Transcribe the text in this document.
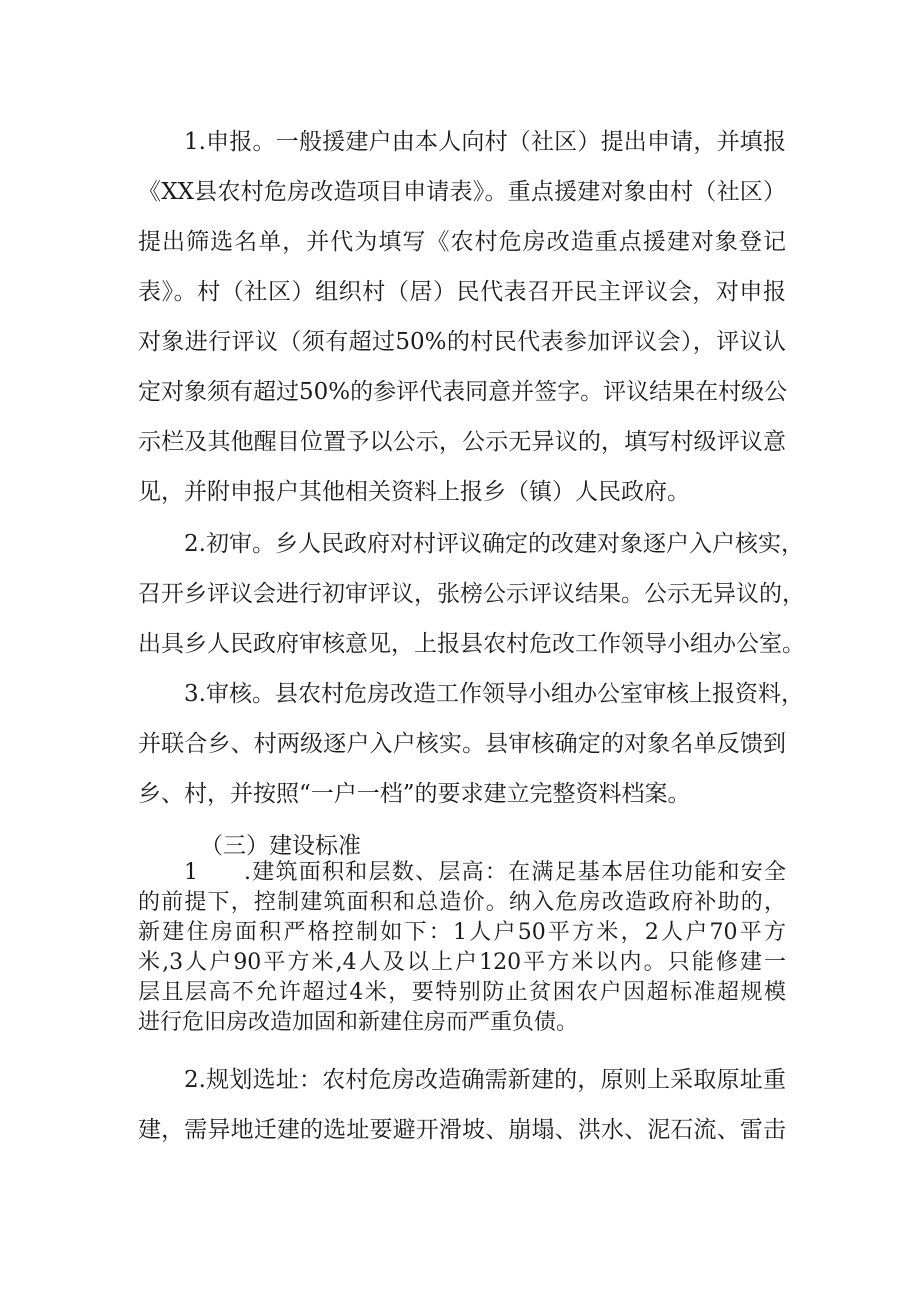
1.申报。一般援建户由本人向村（社区）提出申请，并填报
《XX县农村危房改造项目申请表》。重点援建对象由村（社区）
提出筛选名单，并代为填写《农村危房改造重点援建对象登记
表》。村（社区）组织村（居）民代表召开民主评议会，对申报
对象进行评议（须有超过50%的村民代表参加评议会），评议认
定对象须有超过50%的参评代表同意并签字。评议结果在村级公
示栏及其他醒目位置予以公示，公示无异议的，填写村级评议意
见，并附申报户其他相关资料上报乡（镇）人民政府。
2.初审。乡人民政府对村评议确定的改建对象逐户入户核实，
召开乡评议会进行初审评议，张榜公示评议结果。公示无异议的，
出具乡人民政府审核意见，上报县农村危改工作领导小组办公室。
3.审核。县农村危房改造工作领导小组办公室审核上报资料，
并联合乡、村两级逐户入户核实。县审核确定的对象名单反馈到
乡、村，并按照“一户一档”的要求建立完整资料档案。
（三）建设标准
1 .建筑面积和层数、层高：在满足基本居住功能和安全
的前提下，控制建筑面积和总造价。纳入危房改造政府补助的，
新建住房面积严格控制如下：1人户50平方米，2人户70平方
米,3人户90平方米,4人及以上户120平方米以内。只能修建一
层且层高不允许超过4米，要特别防止贫困农户因超标准超规模
进行危旧房改造加固和新建住房而严重负债。
2.规划选址：农村危房改造确需新建的，原则上采取原址重
建，需异地迁建的选址要避开滑坡、崩塌、洪水、泥石流、雷击
